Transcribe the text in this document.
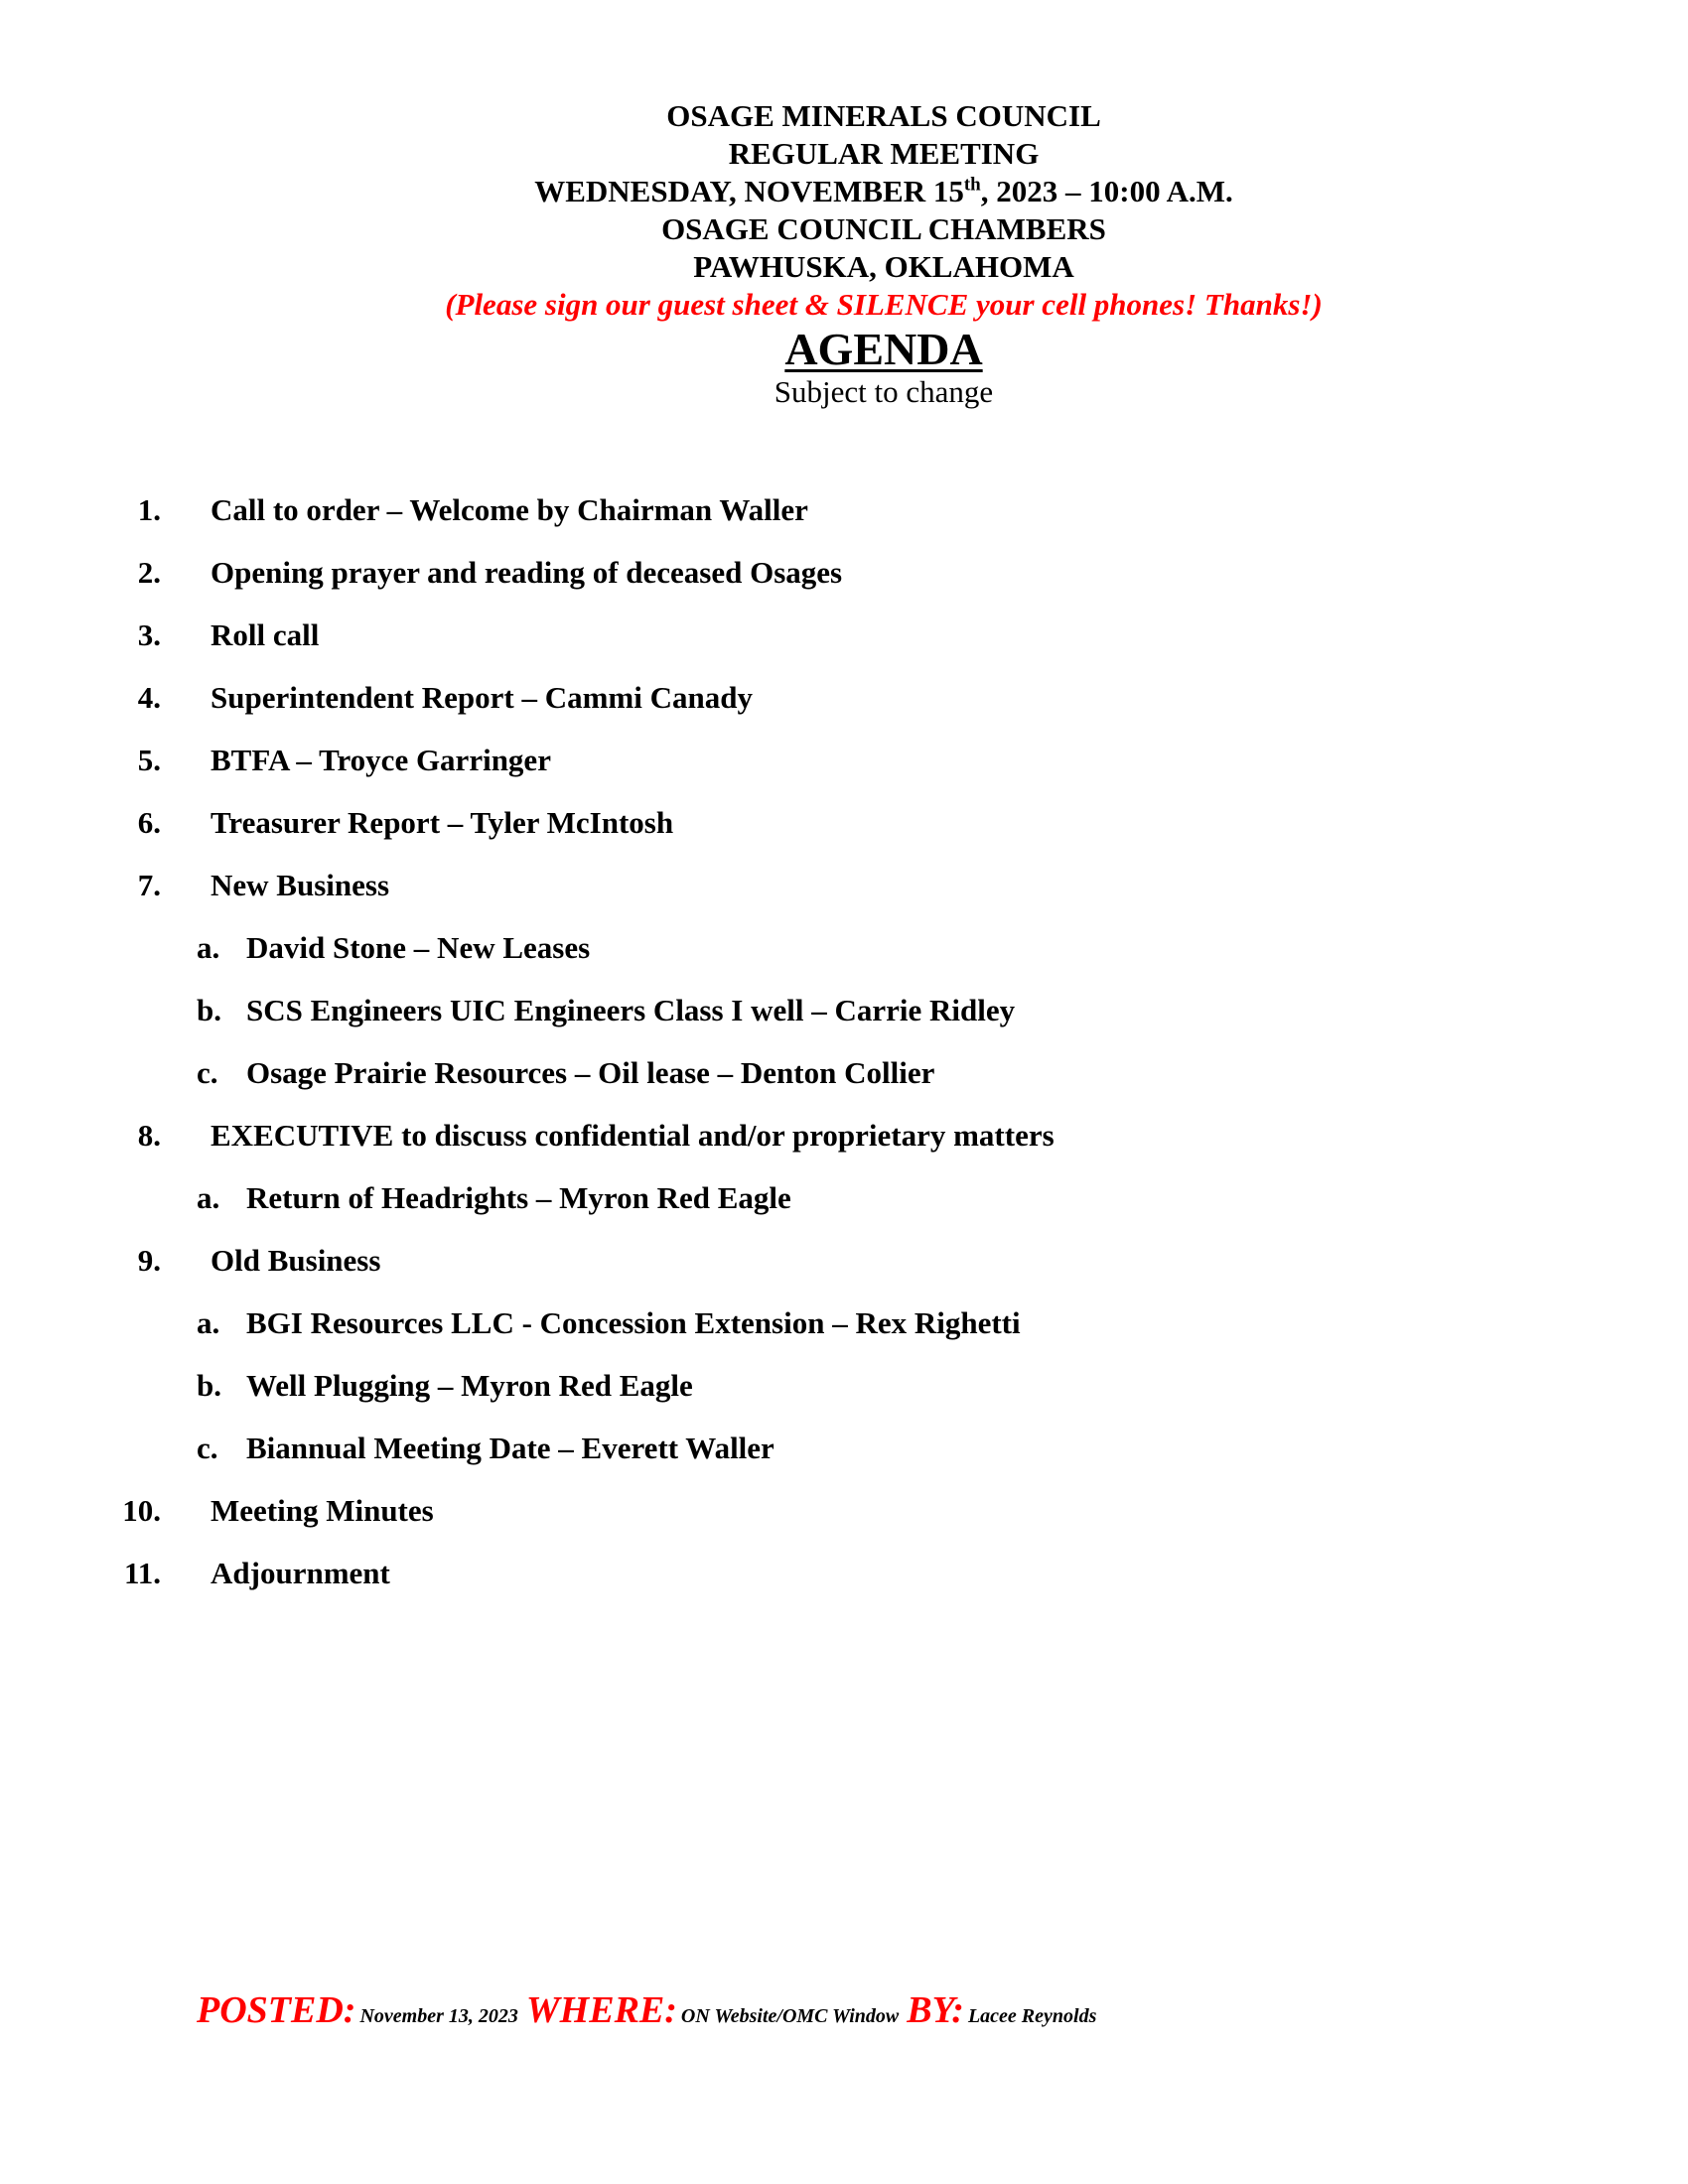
OSAGE MINERALS COUNCIL
REGULAR MEETING
WEDNESDAY, NOVEMBER 15th, 2023 – 10:00 A.M.
OSAGE COUNCIL CHAMBERS
PAWHUSKA, OKLAHOMA
(Please sign our guest sheet & SILENCE your cell phones! Thanks!)
AGENDA
Subject to change
1. Call to order – Welcome by Chairman Waller
2. Opening prayer and reading of deceased Osages
3. Roll call
4. Superintendent Report – Cammi Canady
5. BTFA – Troyce Garringer
6. Treasurer Report – Tyler McIntosh
7. New Business
a. David Stone – New Leases
b. SCS Engineers UIC Engineers Class I well – Carrie Ridley
c. Osage Prairie Resources – Oil lease – Denton Collier
8. EXECUTIVE to discuss confidential and/or proprietary matters
a. Return of Headrights – Myron Red Eagle
9. Old Business
a. BGI Resources LLC - Concession Extension – Rex Righetti
b. Well Plugging – Myron Red Eagle
c. Biannual Meeting Date – Everett Waller
10. Meeting Minutes
11. Adjournment
POSTED: November 13, 2023 WHERE: ON Website/OMC Window BY: Lacee Reynolds
